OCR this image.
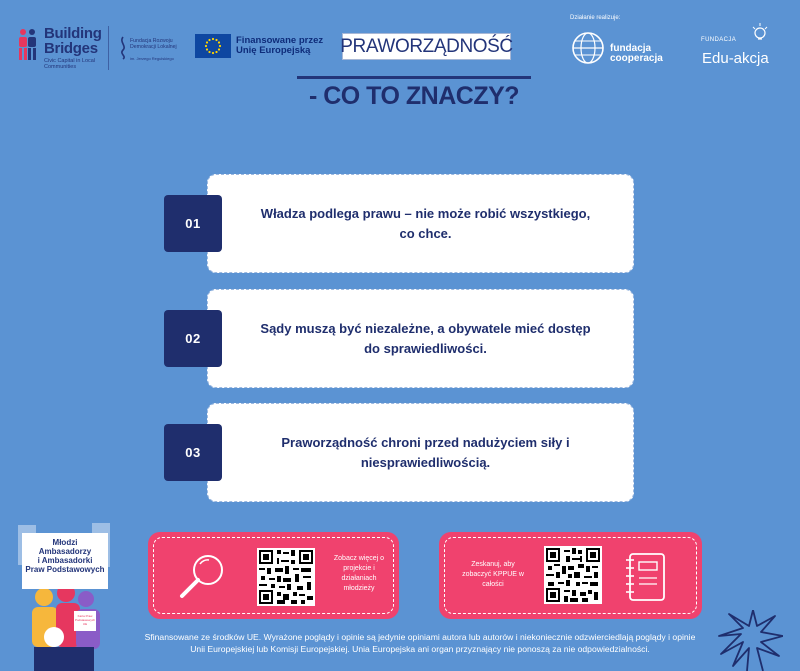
Building
Bridges
Civic Capital in Local Communities
Fundacja Rozwoju
Demokracji Lokalnej
im. Jerzego Regulskiego
Finansowane przez
Unię Europejską	PRAWORZĄDNOŚĆ
- CO TO ZNACZY?
Działanie realizuje:
fundacja
cooperacja
FUNDACJA
Edu-akcja
Władza podlega prawu – nie może robić wszystkiego, co chce.
01
Sądy muszą być niezależne, a obywatele mieć dostęp do sprawiedliwości.
02
Praworządność chroni przed nadużyciem siły i niesprawiedliwością.
03
Młodzi
Ambasadorzy
i Ambasadorki
Praw Podstawowych
Karta Praw Podstawowych UE
Zobacz więcej o projekcie i działaniach młodzieży
Zeskanuj, aby zobaczyć KPPUE w całości
Sfinansowane ze środków UE. Wyrażone poglądy i opinie są jedynie opiniami autora lub autorów i niekoniecznie odzwierciedlają poglądy i opinie
Unii Europejskiej lub Komisji Europejskiej. Unia Europejska ani organ przyznający nie ponoszą za nie odpowiedzialności.
